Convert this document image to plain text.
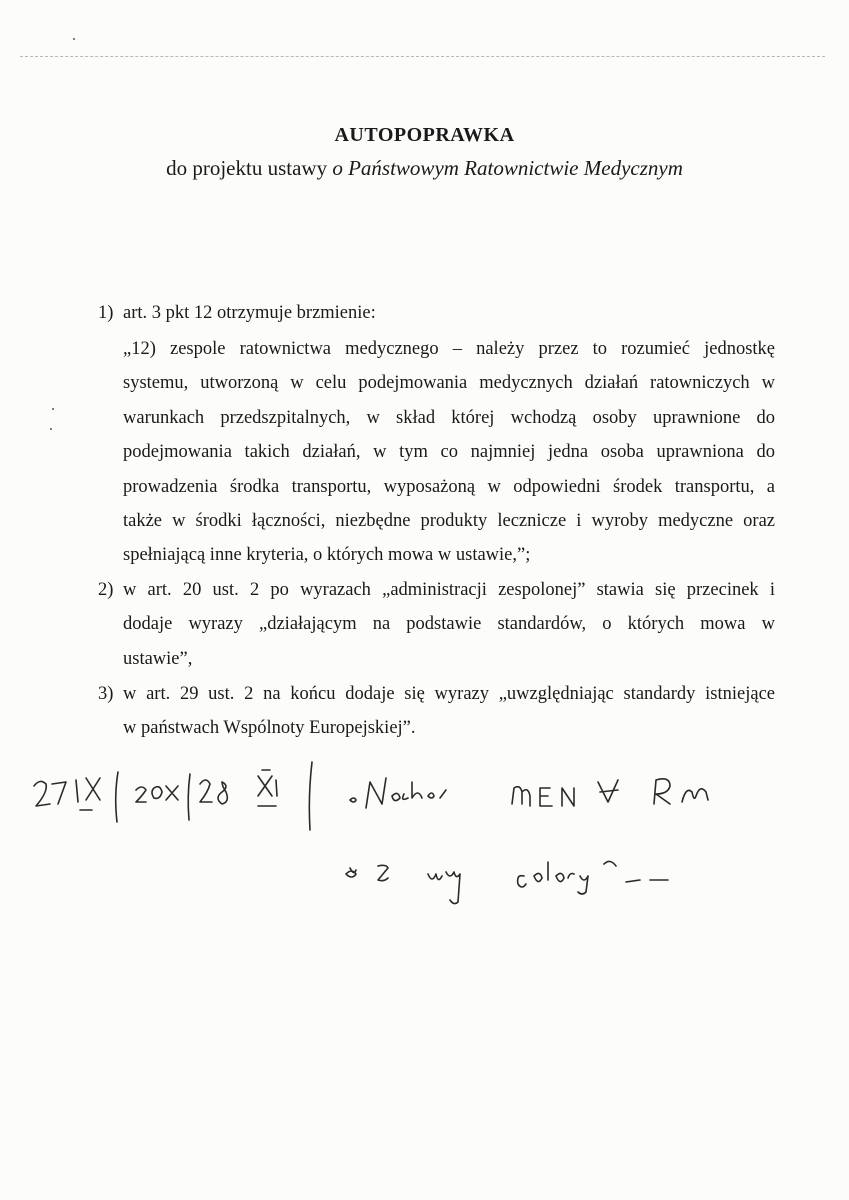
AUTOPOPRAWKA
do projektu ustawy o Państwowym Ratownictwie Medycznym
1) art. 3 pkt 12 otrzymuje brzmienie:
„12) zespole ratownictwa medycznego – należy przez to rozumieć jednostkę
systemu, utworzoną w celu podejmowania medycznych działań ratowniczych w
warunkach przedszpitalnych, w skład której wchodzą osoby uprawnione do
podejmowania takich działań, w tym co najmniej jedna osoba uprawniona do
prowadzenia środka transportu, wyposażoną w odpowiedni środek transportu, a
także w środki łączności, niezbędne produkty lecznicze i wyroby medyczne oraz
spełniającą inne kryteria, o których mowa w ustawie,”;
2) w art. 20 ust. 2 po wyrazach „administracji zespolonej” stawia się przecinek i
dodaje wyrazy „działającym na podstawie standardów, o których mowa w
ustawie”,
3) w art. 29 ust. 2 na końcu dodaje się wyrazy „uwzględniając standardy istniejące
w państwach Wspólnoty Europejskiej”.
